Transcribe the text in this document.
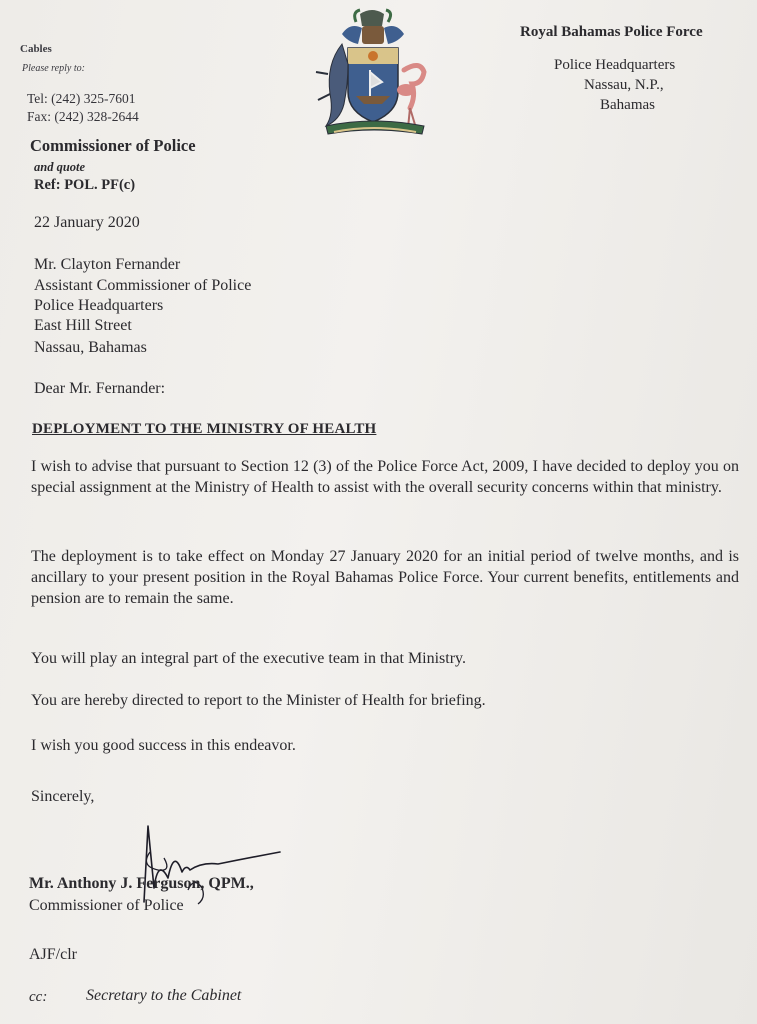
Cables
Please reply to:
Tel: (242) 325-7601
Fax: (242) 328-2644
Royal Bahamas Police Force
Police Headquarters
Nassau, N.P.,
Bahamas
Commissioner of Police
and quote
Ref: POL. PF(c)
22 January 2020
Mr. Clayton Fernander
Assistant Commissioner of Police
Police Headquarters
East Hill Street
Nassau, Bahamas
Dear Mr. Fernander:
DEPLOYMENT TO THE MINISTRY OF HEALTH
I wish to advise that pursuant to Section 12 (3) of the Police Force Act, 2009, I have decided to deploy you on special assignment at the Ministry of Health to assist with the overall security concerns within that ministry.
The deployment is to take effect on Monday 27 January 2020 for an initial period of twelve months, and is ancillary to your present position in the Royal Bahamas Police Force. Your current benefits, entitlements and pension are to remain the same.
You will play an integral part of the executive team in that Ministry.
You are hereby directed to report to the Minister of Health for briefing.
I wish you good success in this endeavor.
Sincerely,
Mr. Anthony J. Ferguson, QPM.,
Commissioner of Police
AJF/clr
cc: Secretary to the Cabinet
